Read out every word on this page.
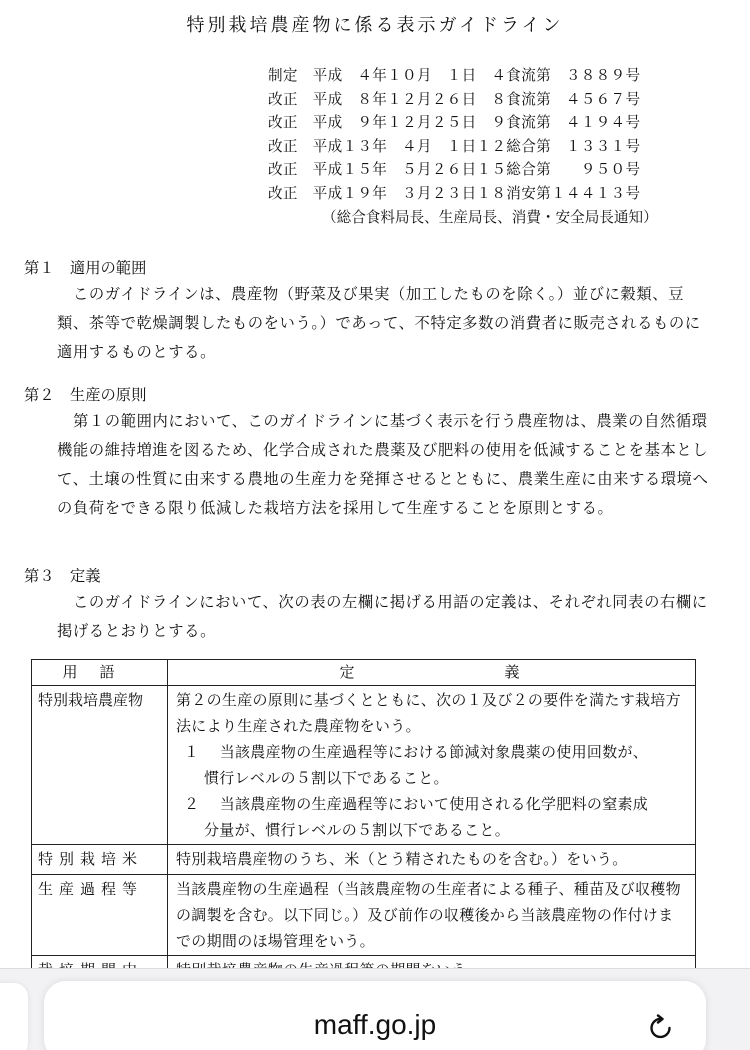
特別栽培農産物に係る表示ガイドライン
制定　平成　４年１０月　１日　４食流第　３８８９号
改正　平成　８年１２月２６日　８食流第　４５６７号
改正　平成　９年１２月２５日　９食流第　４１９４号
改正　平成１３年　４月　１日１２総合第　１３３１号
改正　平成１５年　５月２６日１５総合第　　９５０号
改正　平成１９年　３月２３日１８消安第１４４１３号
（総合食料局長、生産局長、消費・安全局長通知）
第１　適用の範囲
このガイドラインは、農産物（野菜及び果実（加工したものを除く。）並びに穀類、豆類、茶等で乾燥調製したものをいう。）であって、不特定多数の消費者に販売されるものに適用するものとする。
第２　生産の原則
第１の範囲内において、このガイドラインに基づく表示を行う農産物は、農業の自然循環機能の維持増進を図るため、化学合成された農薬及び肥料の使用を低減することを基本として、土壌の性質に由来する農地の生産力を発揮させるとともに、農業生産に由来する環境への負荷をできる限り低減した栽培方法を採用して生産することを原則とする。
第３　定義
このガイドラインにおいて、次の表の左欄に掲げる用語の定義は、それぞれ同表の右欄に掲げるとおりとする。
用語	定義
特別栽培農産物	第２の生産の原則に基づくとともに、次の１及び２の要件を満たす栽培方法により生産された農産物をいう。
１　 当該農産物の生産過程等における節減対象農薬の使用回数が、
慣行レベルの５割以下であること。
２　 当該農産物の生産過程等において使用される化学肥料の窒素成
分量が、慣行レベルの５割以下であること。

特別栽培米	特別栽培農産物のうち、米（とう精されたものを含む。）をいう。
生産過程等	当該農産物の生産過程（当該農産物の生産者による種子、種苗及び収穫物の調製を含む。以下同じ。）及び前作の収穫後から当該農産物の作付けまでの期間のほ場管理をいう。

maff.go.jp
